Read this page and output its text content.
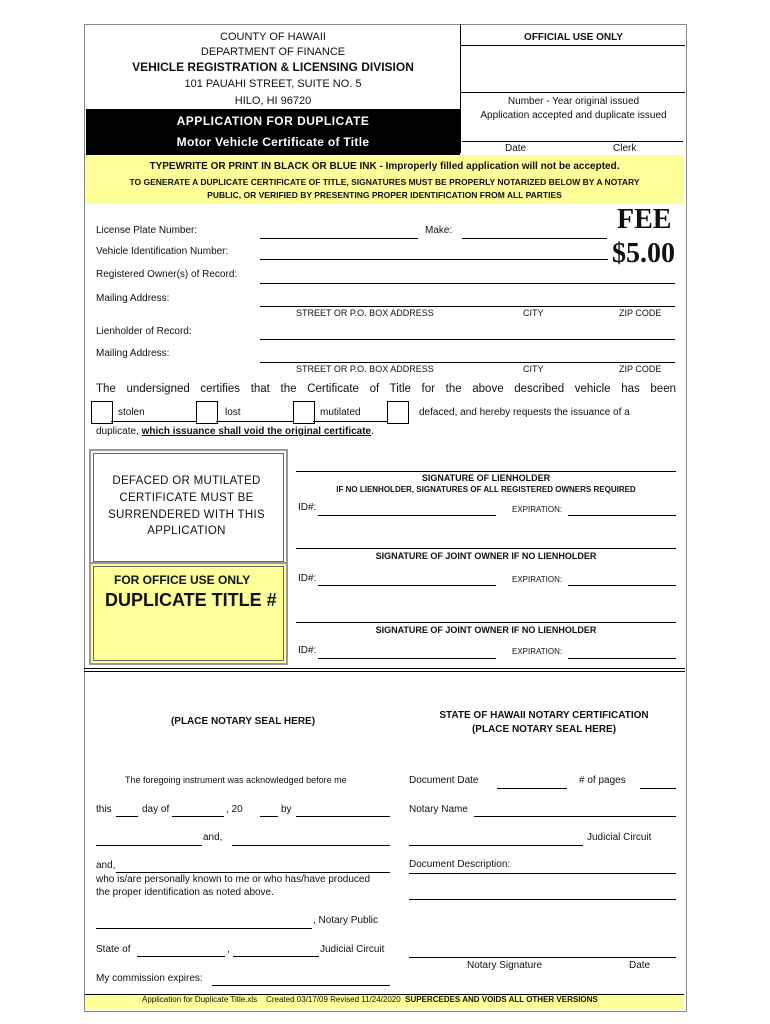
COUNTY OF HAWAII
DEPARTMENT OF FINANCE
VEHICLE REGISTRATION & LICENSING DIVISION
101 PAUAHI STREET, SUITE NO. 5
HILO, HI 96720
APPLICATION FOR DUPLICATE
Motor Vehicle Certificate of Title
OFFICIAL USE ONLY
Number - Year original issued
Application accepted and duplicate issued
Date	Clerk
TYPEWRITE OR PRINT IN BLACK OR BLUE INK - Improperly filled application will not be accepted.
TO GENERATE A DUPLICATE CERTIFICATE OF TITLE, SIGNATURES MUST BE PROPERLY NOTARIZED BELOW BY A NOTARY
PUBLIC, OR VERIFIED BY PRESENTING PROPER IDENTIFICATION FROM ALL PARTIES
FEE
$5.00
License Plate Number:	Make:
Vehicle Identification Number:
Registered Owner(s) of Record:
Mailing Address:
STREET OR P.O. BOX ADDRESS	CITY	ZIP CODE
Lienholder of Record:
Mailing Address:
STREET OR P.O. BOX ADDRESS	CITY	ZIP CODE
The undersigned certifies that the Certificate of Title for the above described vehicle has been
stolen	lost	mutilated	defaced, and hereby requests the issuance of a
duplicate, which issuance shall void the original certificate.
DEFACED OR MUTILATED
CERTIFICATE MUST BE
SURRENDERED WITH THIS
APPLICATION
FOR OFFICE USE ONLY
DUPLICATE TITLE #
SIGNATURE OF LIENHOLDER
IF NO LIENHOLDER, SIGNATURES OF ALL REGISTERED OWNERS REQUIRED
ID#:	EXPIRATION:
SIGNATURE OF JOINT OWNER IF NO LIENHOLDER
ID#:	EXPIRATION:
SIGNATURE OF JOINT OWNER IF NO LIENHOLDER
ID#:	EXPIRATION:
(PLACE NOTARY SEAL HERE)
The foregoing instrument was acknowledged before me
this	day of	, 20	by
and,
and,
who is/are personally known to me or who has/have produced
the proper identification as noted above.
, Notary Public
State of	,	Judicial Circuit
My commission expires:
STATE OF HAWAII NOTARY CERTIFICATION
(PLACE NOTARY SEAL HERE)
Document Date	# of pages
Notary Name
Judicial Circuit
Document Description:
Notary Signature	Date
Application for Duplicate Title.xls Created 03/17/09 Revised 11/24/2020 SUPERCEDES AND VOIDS ALL OTHER VERSIONS
